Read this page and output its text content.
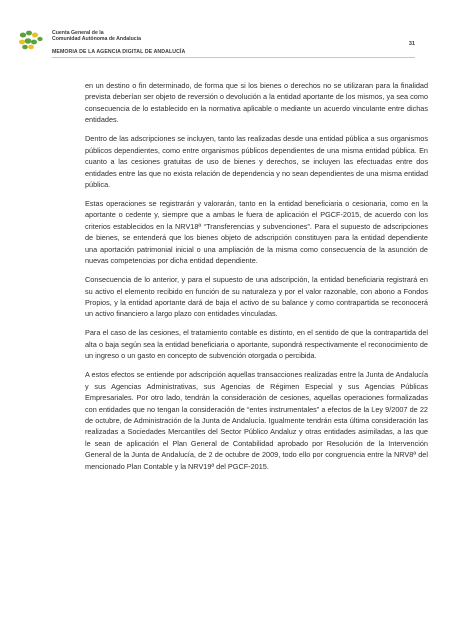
Cuenta General de la
Comunidad Autónoma de Andalucía
MEMORIA DE LA AGENCIA DIGITAL DE ANDALUCÍA
31

en un destino o fin determinado, de forma que si los bienes o derechos no se utilizaran para la finalidad prevista deberían ser objeto de reversión o devolución a la entidad aportante de los mismos, ya sea como consecuencia de lo establecido en la normativa aplicable o mediante un acuerdo vinculante entre dichas entidades.

Dentro de las adscripciones se incluyen, tanto las realizadas desde una entidad pública a sus organismos públicos dependientes, como entre organismos públicos dependientes de una misma entidad pública. En cuanto a las cesiones gratuitas de uso de bienes y derechos, se incluyen las efectuadas entre dos entidades entre las que no exista relación de dependencia y no sean dependientes de una misma entidad pública.

Estas operaciones se registrarán y valorarán, tanto en la entidad beneficiaria o cesionaria, como en la aportante o cedente y, siempre que a ambas le fuera de aplicación el PGCF-2015, de acuerdo con los criterios establecidos en la NRV18ª “Transferencias y subvenciones”. Para el supuesto de adscripciones de bienes, se entenderá que los bienes objeto de adscripción constituyen para la entidad dependiente una aportación patrimonial inicial o una ampliación de la misma como consecuencia de la asunción de nuevas competencias por dicha entidad dependiente.

Consecuencia de lo anterior, y para el supuesto de una adscripción, la entidad beneficiaria registrará en su activo el elemento recibido en función de su naturaleza y por el valor razonable, con abono a Fondos Propios, y la entidad aportante dará de baja el activo de su balance y como contrapartida se reconocerá un activo financiero a largo plazo con entidades vinculadas.

Para el caso de las cesiones, el tratamiento contable es distinto, en el sentido de que la contrapartida del alta o baja según sea la entidad beneficiaria o aportante, supondrá respectivamente el reconocimiento de un ingreso o un gasto en concepto de subvención otorgada o percibida.

A estos efectos se entiende por adscripción aquellas transacciones realizadas entre la Junta de Andalucía y sus Agencias Administrativas, sus Agencias de Régimen Especial y sus Agencias Públicas Empresariales. Por otro lado, tendrán la consideración de cesiones, aquellas operaciones formalizadas con entidades que no tengan la consideración de “entes instrumentales” a efectos de la Ley 9/2007 de 22 de octubre, de Administración de la Junta de Andalucía. Igualmente tendrán esta última consideración las realizadas a Sociedades Mercantiles del Sector Público Andaluz y otras entidades asimiladas, a las que le sean de aplicación el Plan General de Contabilidad aprobado por Resolución de la Intervención General de la Junta de Andalucía, de 2 de octubre de 2009, todo ello por congruencia entre la NRV8ª del mencionado Plan Contable y la NRV19ª del PGCF-2015.
